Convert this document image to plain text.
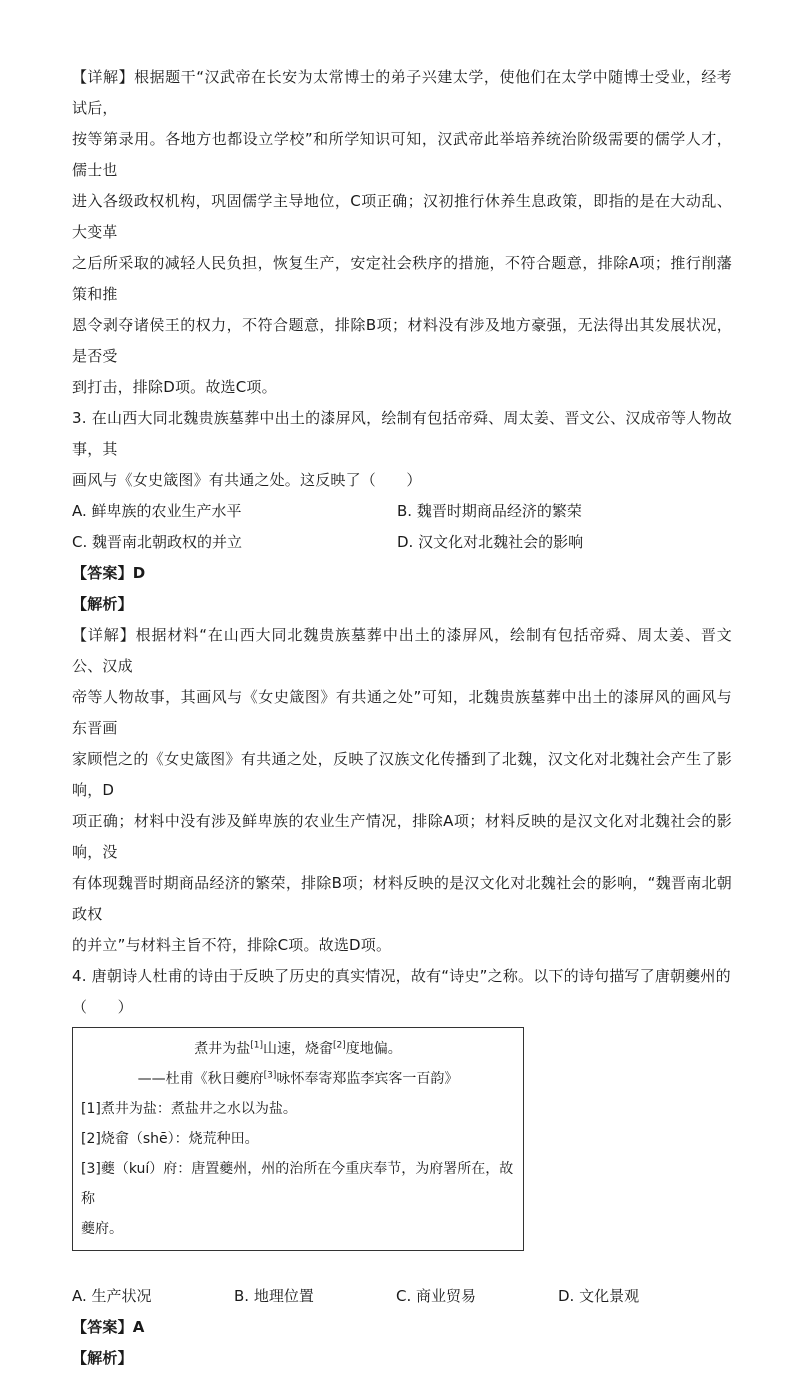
【详解】根据题干“汉武帝在长安为太常博士的弟子兴建太学，使他们在太学中随博士受业，经考试后，

按等第录用。各地方也都设立学校”和所学知识可知，汉武帝此举培养统治阶级需要的儒学人才，儒士也

进入各级政权机构，巩固儒学主导地位，C项正确；汉初推行休养生息政策，即指的是在大动乱、大变革

之后所采取的减轻人民负担，恢复生产，安定社会秩序的措施，不符合题意，排除A项；推行削藩策和推

恩令剥夺诸侯王的权力，不符合题意，排除B项；材料没有涉及地方豪强，无法得出其发展状况，是否受

到打击，排除D项。故选C项。

3. 在山西大同北魏贵族墓葬中出土的漆屏风，绘制有包括帝舜、周太姜、晋文公、汉成帝等人物故事，其

画风与《女史箴图》有共通之处。这反映了（　　）

A. 鲜卑族的农业生产水平	B. 魏晋时期商品经济的繁荣
C. 魏晋南北朝政权的并立	D. 汉文化对北魏社会的影响

【答案】D

【解析】

【详解】根据材料“在山西大同北魏贵族墓葬中出土的漆屏风，绘制有包括帝舜、周太姜、晋文公、汉成

帝等人物故事，其画风与《女史箴图》有共通之处”可知，北魏贵族墓葬中出土的漆屏风的画风与东晋画

家顾恺之的《女史箴图》有共通之处，反映了汉族文化传播到了北魏，汉文化对北魏社会产生了影响，D

项正确；材料中没有涉及鲜卑族的农业生产情况，排除A项；材料反映的是汉文化对北魏社会的影响，没

有体现魏晋时期商品经济的繁荣，排除B项；材料反映的是汉文化对北魏社会的影响，“魏晋南北朝政权

的并立”与材料主旨不符，排除C项。故选D项。

4. 唐朝诗人杜甫的诗由于反映了历史的真实情况，故有“诗史”之称。以下的诗句描写了唐朝夔州的

（　　）

煮井为盐[1]山速，烧畲[2]度地偏。
——杜甫《秋日夔府[3]咏怀奉寄郑监李宾客一百韵》
[1]煮井为盐：煮盐井之水以为盐。
[2]烧畲（shē）：烧荒种田。
[3]夔（kuí）府：唐置夔州，州的治所在今重庆奉节，为府署所在，故称
夔府。
A. 生产状况	B. 地理位置	C. 商业贸易	D. 文化景观

【答案】A

【解析】
